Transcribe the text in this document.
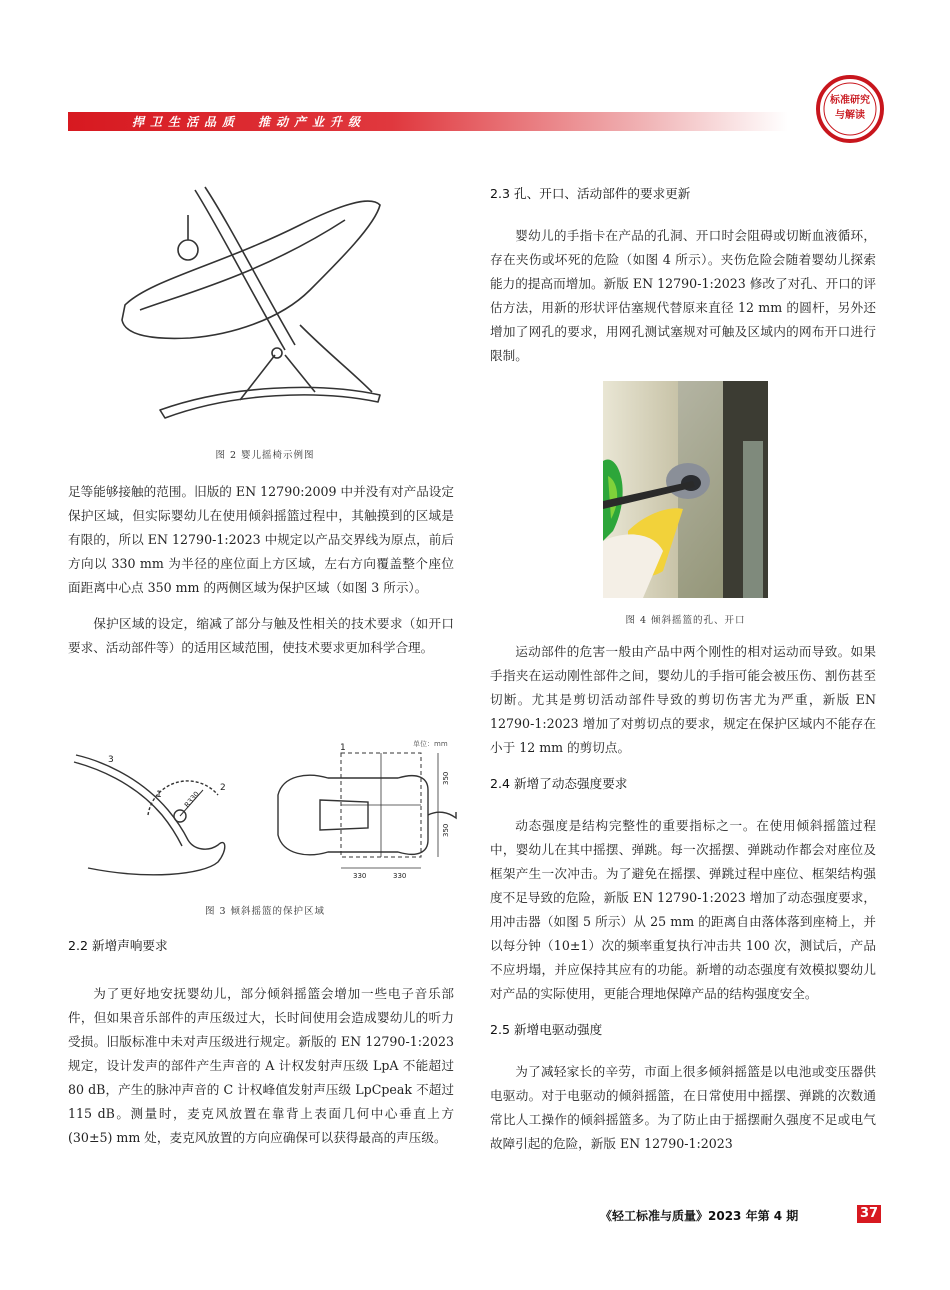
捍卫生活品质　推动产业升级
标准研究
与解读
图 2 婴儿摇椅示例图

足等能够接触的范围。旧版的 EN 12790:2009 中并没有对产品设定保护区域，但实际婴幼儿在使用倾斜摇篮过程中，其触摸到的区域是有限的，所以 EN 12790-1:2023 中规定以产品交界线为原点，前后方向以 330 mm 为半径的座位面上方区域，左右方向覆盖整个座位面距离中心点 350 mm 的两侧区域为保护区域（如图 3 所示）。

保护区域的设定，缩减了部分与触及性相关的技术要求（如开口要求、活动部件等）的适用区域范围，使技术要求更加科学合理。

单位：mm
3
1
2
R330
1
350
350
330	330
图 3 倾斜摇篮的保护区域

2.2 新增声响要求

为了更好地安抚婴幼儿，部分倾斜摇篮会增加一些电子音乐部件，但如果音乐部件的声压级过大，长时间使用会造成婴幼儿的听力受损。旧版标准中未对声压级进行规定。新版的 EN 12790-1:2023 规定，设计发声的部件产生声音的 A 计权发射声压级 LpA 不能超过 80 dB，产生的脉冲声音的 C 计权峰值发射声压级 LpCpeak 不超过 115 dB。测量时，麦克风放置在靠背上表面几何中心垂直上方 (30±5) mm 处，麦克风放置的方向应确保可以获得最高的声压级。

2.3 孔、开口、活动部件的要求更新

婴幼儿的手指卡在产品的孔洞、开口时会阻碍或切断血液循环，存在夹伤或坏死的危险（如图 4 所示）。夹伤危险会随着婴幼儿探索能力的提高而增加。新版 EN 12790-1:2023 修改了对孔、开口的评估方法，用新的形状评估塞规代替原来直径 12 mm 的圆杆，另外还增加了网孔的要求，用网孔测试塞规对可触及区域内的网布开口进行限制。

图 4 倾斜摇篮的孔、开口

运动部件的危害一般由产品中两个刚性的相对运动而导致。如果手指夹在运动刚性部件之间，婴幼儿的手指可能会被压伤、割伤甚至切断。尤其是剪切活动部件导致的剪切伤害尤为严重，新版 EN 12790-1:2023 增加了对剪切点的要求，规定在保护区域内不能存在小于 12 mm 的剪切点。

2.4 新增了动态强度要求

动态强度是结构完整性的重要指标之一。在使用倾斜摇篮过程中，婴幼儿在其中摇摆、弹跳。每一次摇摆、弹跳动作都会对座位及框架产生一次冲击。为了避免在摇摆、弹跳过程中座位、框架结构强度不足导致的危险，新版 EN 12790-1:2023 增加了动态强度要求，用冲击器（如图 5 所示）从 25 mm 的距离自由落体落到座椅上，并以每分钟（10±1）次的频率重复执行冲击共 100 次，测试后，产品不应坍塌，并应保持其应有的功能。新增的动态强度有效模拟婴幼儿对产品的实际使用，更能合理地保障产品的结构强度安全。

2.5 新增电驱动强度

为了减轻家长的辛劳，市面上很多倾斜摇篮是以电池或变压器供电驱动。对于电驱动的倾斜摇篮，在日常使用中摇摆、弹跳的次数通常比人工操作的倾斜摇篮多。为了防止由于摇摆耐久强度不足或电气故障引起的危险，新版 EN 12790-1:2023

《轻工标准与质量》2023 年第 4 期	37
